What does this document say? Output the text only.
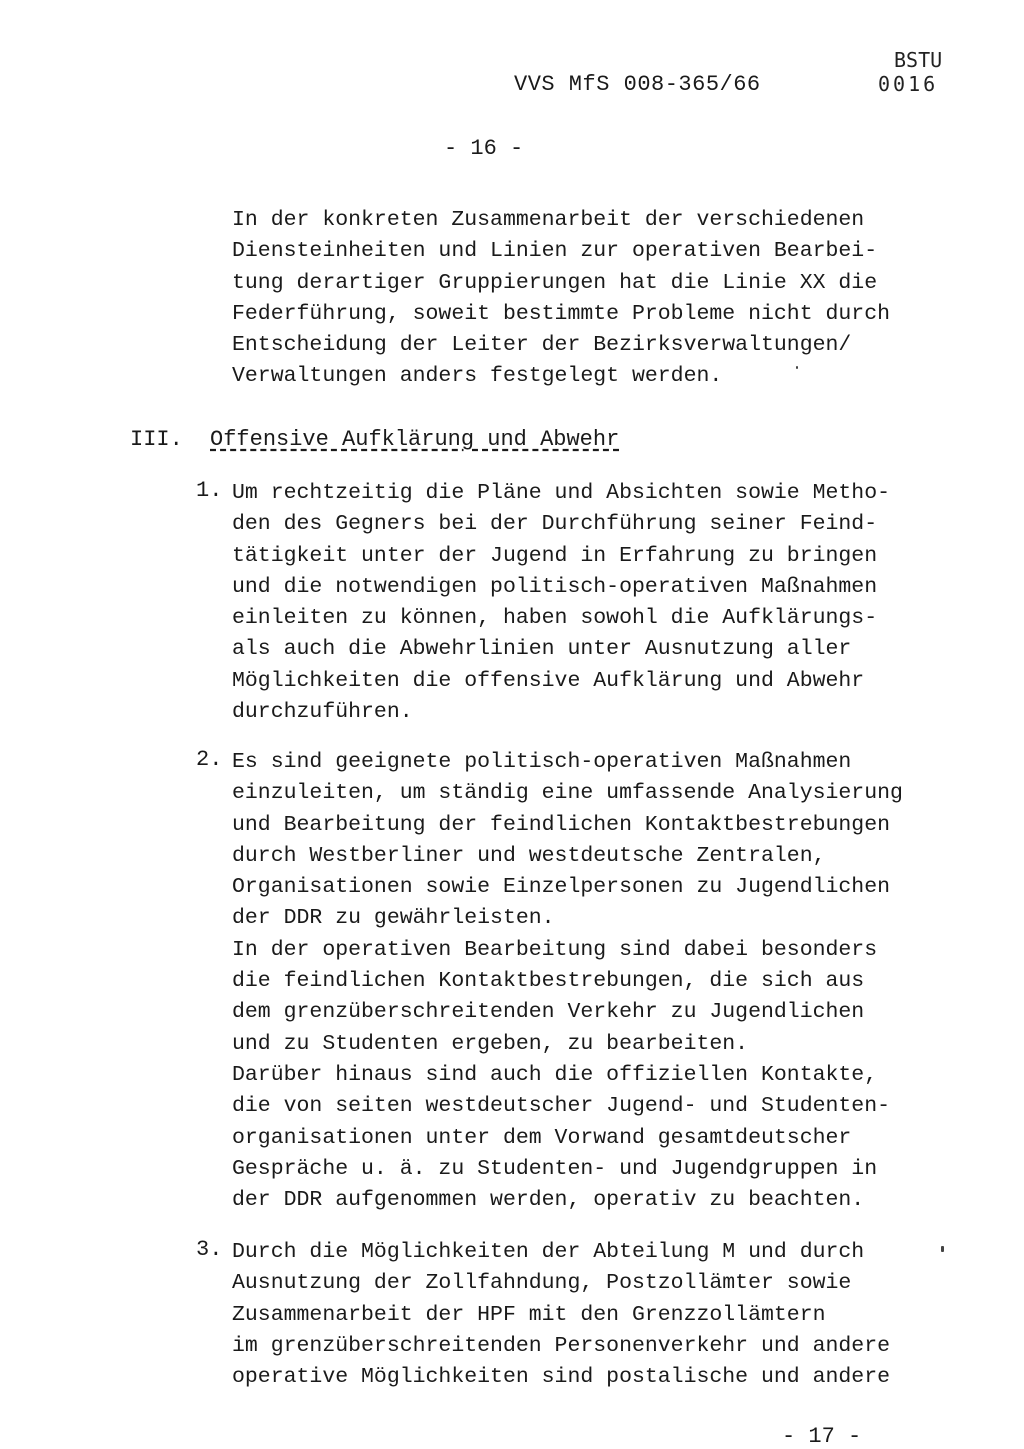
VVS MfS 008-365/66
BSTU
0016
- 16 -
In der konkreten Zusammenarbeit der verschiedenen
Diensteinheiten und Linien zur operativen Bearbei-
tung derartiger Gruppierungen hat die Linie XX die
Federführung, soweit bestimmte Probleme nicht durch
Entscheidung der Leiter der Bezirksverwaltungen/
Verwaltungen anders festgelegt werden.
III. Offensive Aufklärung und Abwehr
1. Um rechtzeitig die Pläne und Absichten sowie Metho-
den des Gegners bei der Durchführung seiner Feind-
tätigkeit unter der Jugend in Erfahrung zu bringen
und die notwendigen politisch-operativen Maßnahmen
einleiten zu können, haben sowohl die Aufklärungs-
als auch die Abwehrlinien unter Ausnutzung aller
Möglichkeiten die offensive Aufklärung und Abwehr
durchzuführen.
2. Es sind geeignete politisch-operativen Maßnahmen
einzuleiten, um ständig eine umfassende Analysierung
und Bearbeitung der feindlichen Kontaktbestrebungen
durch Westberliner und westdeutsche Zentralen,
Organisationen sowie Einzelpersonen zu Jugendlichen
der DDR zu gewährleisten.
In der operativen Bearbeitung sind dabei besonders
die feindlichen Kontaktbestrebungen, die sich aus
dem grenzüberschreitenden Verkehr zu Jugendlichen
und zu Studenten ergeben, zu bearbeiten.
Darüber hinaus sind auch die offiziellen Kontakte,
die von seiten westdeutscher Jugend- und Studenten-
organisationen unter dem Vorwand gesamtdeutscher
Gespräche u. ä. zu Studenten- und Jugendgruppen in
der DDR aufgenommen werden, operativ zu beachten.
3. Durch die Möglichkeiten der Abteilung M und durch
Ausnutzung der Zollfahndung, Postzollämter sowie
Zusammenarbeit der HPF mit den Grenzzollämtern
im grenzüberschreitenden Personenverkehr und andere
operative Möglichkeiten sind postalische und andere
- 17 -
